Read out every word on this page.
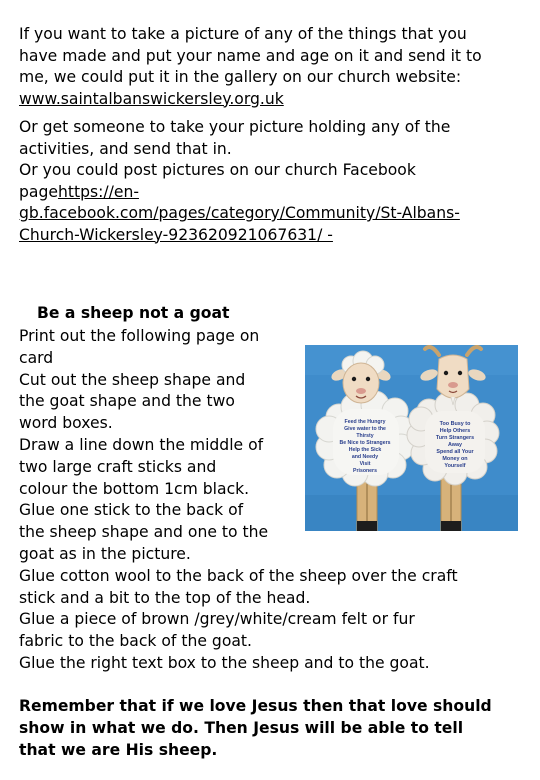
If you want to take a picture of any of the things that you
have made and put your name and age on it and send it to
me, we could put it in the gallery on our church website:
www.saintalbanswickersley.org.uk

Or get someone to take your picture holding any of the
activities, and send that in.
Or you could post pictures on our church Facebook
pagehttps://en-
gb.facebook.com/pages/category/Community/St-Albans-
Church-Wickersley-923620921067631/ -

Be a sheep not a goat

Print out the following page on
card
Cut out the sheep shape and
the goat shape and the two
word boxes.
Draw a line down the middle of
two large craft sticks and
colour the bottom 1cm black.
Glue one stick to the back of
the sheep shape and one to the
goat as in the picture.
Glue cotton wool to the back of the sheep over the craft
stick and a bit to the top of the head.
Glue a piece of brown /grey/white/cream felt or fur
fabric to the back of the goat.
Glue the right text box to the sheep and to the goat.

Feed the Hungry
Give water to the
Thirsty
Be Nice to Strangers
Help the Sick
and Needy
Visit
Prisoners
Too Busy to
Help Others
Turn Strangers
Away
Spend all Your
Money on
Yourself

Remember that if we love Jesus then that love should
show in what we do. Then Jesus will be able to tell
that we are His sheep.
